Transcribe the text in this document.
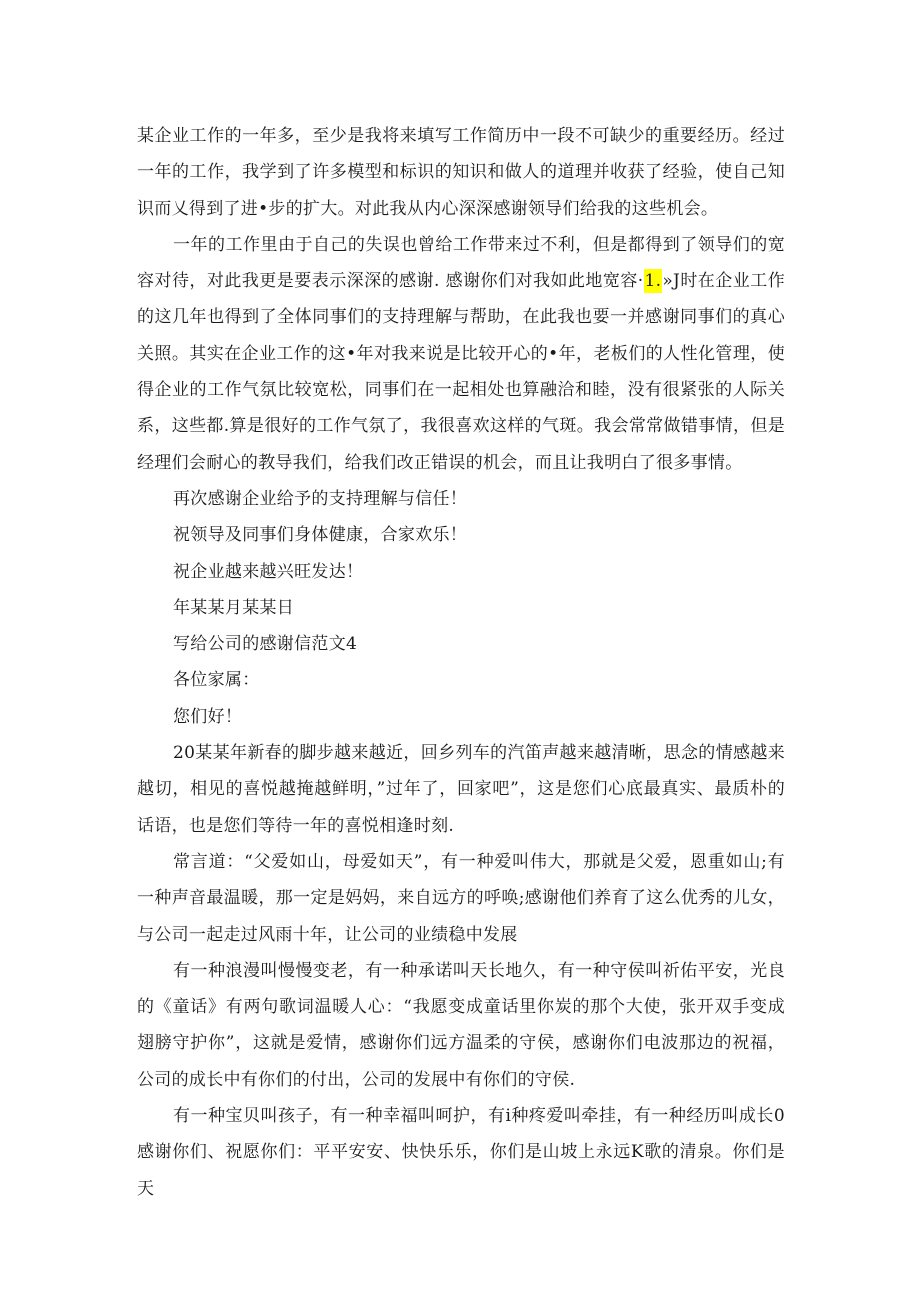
某企业工作的一年多，至少是我将来填写工作简历中一段不可缺少的重要经历。经过一年的工作，我学到了许多模型和标识的知识和做人的道理并收获了经验，使自己知识而乂得到了进•步的扩大。对此我从内心深深感谢领导们给我的这些机会。

一年的工作里由于自己的失误也曾给工作带来过不利，但是都得到了领导们的宽容对待，对此我更是要表示深深的感谢. 感谢你们对我如此地宽容·1.»J时在企业工作的这几年也得到了全体同事们的支持理解与帮助，在此我也要一并感谢同事们的真心关照。其实在企业工作的这•年对我来说是比较开心的•年，老板们的人性化管理，使得企业的工作气氛比较宽松，同事们在一起相处也算融洽和睦，没有很紧张的人际关系，这些都.算是很好的工作气氛了，我很喜欢这样的气斑。我会常常做错事情，但是经理们会耐心的教导我们，给我们改正错误的机会，而且让我明白了很多事情。

再次感谢企业给予的支持理解与信任！

祝领导及同事们身体健康，合家欢乐！

祝企业越来越兴旺发达！

年某某月某某日

写给公司的感谢信范文4

各位家属：

您们好！

20某某年新春的脚步越来越近，回乡列车的汽笛声越来越清晰，思念的情感越来越切，相见的喜悦越掩越鲜明，”过年了，回家吧”，这是您们心底最真实、最质朴的话语，也是您们等待一年的喜悦相逢时刻.

常言道：“父爱如山，母爱如天”，有一种爱叫伟大，那就是父爱，恩重如山;有一种声音最温暖，那一定是妈妈，来自远方的呼唤;感谢他们养育了这么优秀的儿女，与公司一起走过风雨十年，让公司的业绩稳中发展

有一种浪漫叫慢慢变老，有一种承诺叫天长地久，有一种守侯叫祈佑平安，光良的《童话》有两句歌词温暖人心：“我愿变成童话里你炭的那个大使，张开双手变成翅膀守护你”，这就是爱情，感谢你们远方温柔的守侯，感谢你们电波那边的祝福，公司的成长中有你们的付出，公司的发展中有你们的守侯.

有一种宝贝叫孩子，有一种幸福叫呵护，有i种疼爱叫牵挂，有一种经历叫成长0感谢你们、祝愿你们：平平安安、快快乐乐，你们是山坡上永远K歌的清泉。你们是天
